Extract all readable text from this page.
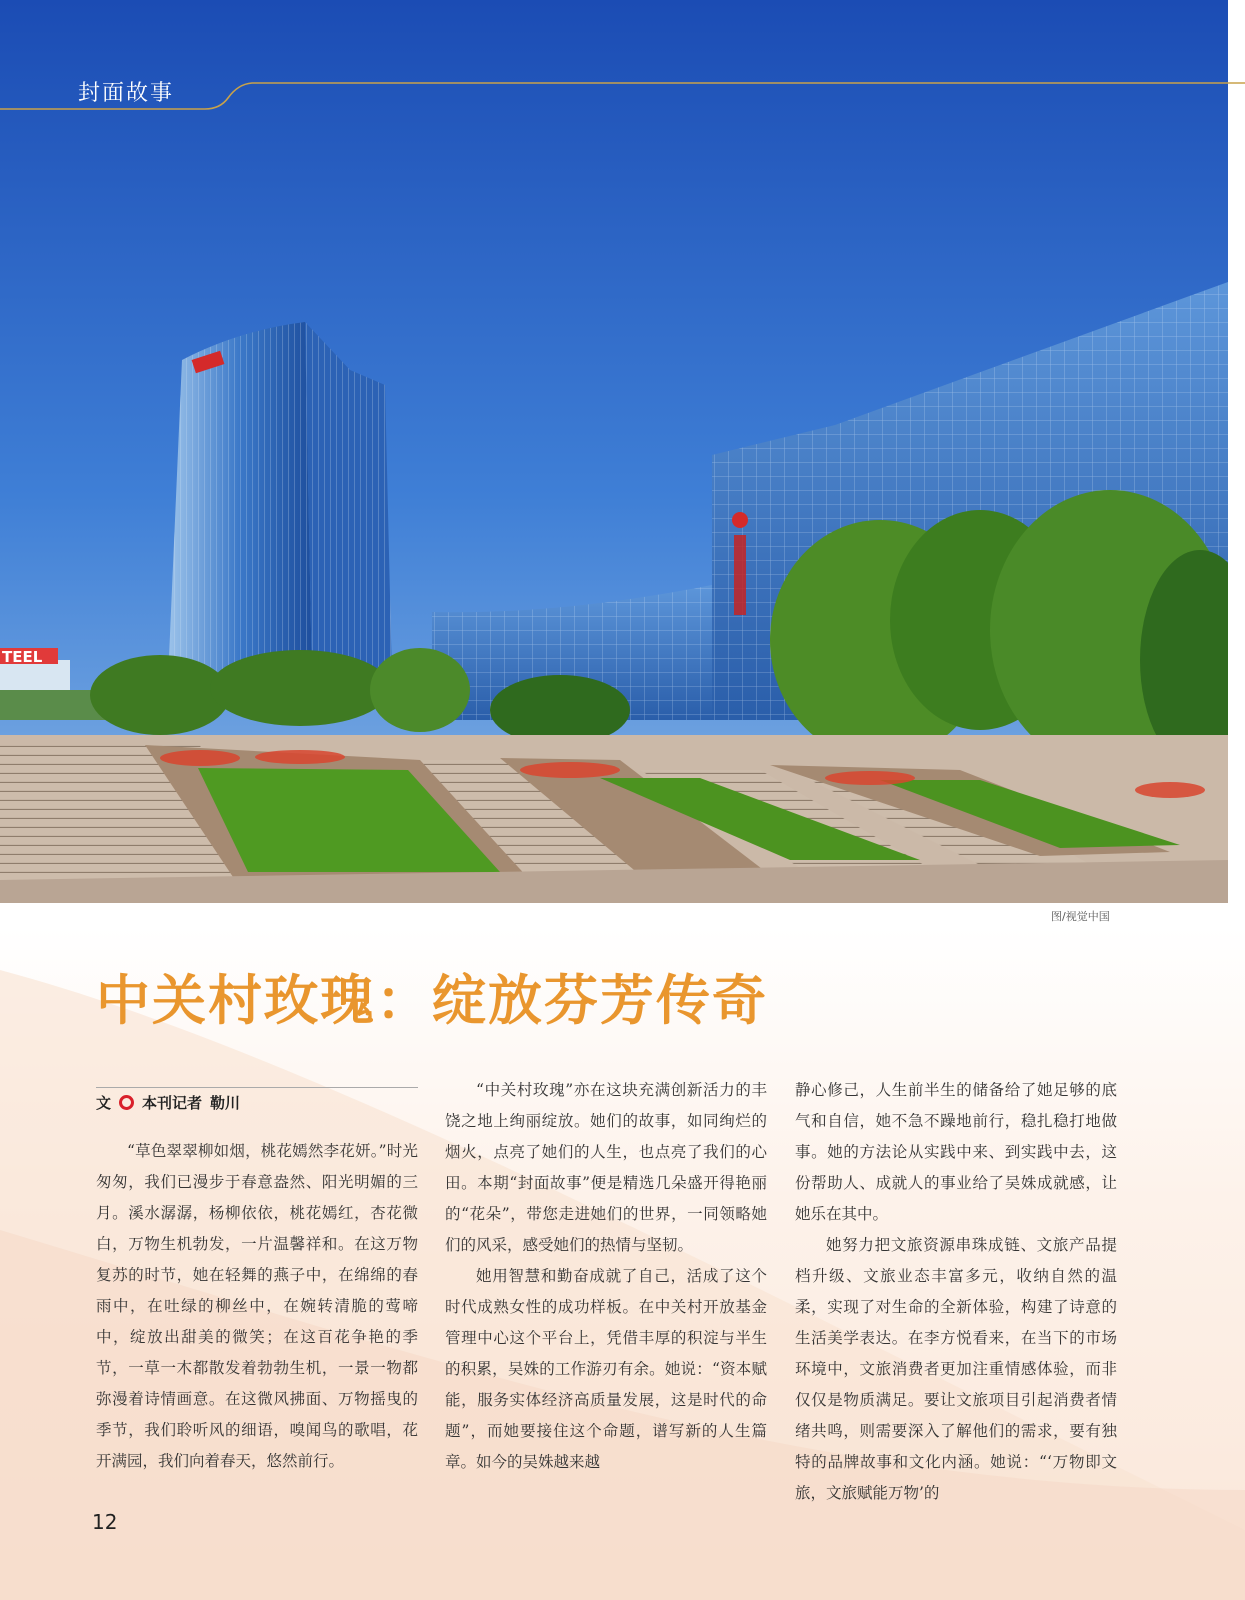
TEEL
封面故事
图/视觉中国
中关村玫瑰：绽放芬芳传奇
文 本刊记者 勒川

“草色翠翠柳如烟，桃花嫣然李花妍。”时光匆匆，我们已漫步于春意盎然、阳光明媚的三月。溪水潺潺，杨柳依依，桃花嫣红，杏花微白，万物生机勃发，一片温馨祥和。在这万物复苏的时节，她在轻舞的燕子中，在绵绵的春雨中，在吐绿的柳丝中，在婉转清脆的莺啼中，绽放出甜美的微笑；在这百花争艳的季节，一草一木都散发着勃勃生机，一景一物都弥漫着诗情画意。在这微风拂面、万物摇曳的季节，我们聆听风的细语，嗅闻鸟的歌唱，花开满园，我们向着春天，悠然前行。

“中关村玫瑰”亦在这块充满创新活力的丰饶之地上绚丽绽放。她们的故事，如同绚烂的烟火，点亮了她们的人生，也点亮了我们的心田。本期“封面故事”便是精选几朵盛开得艳丽的“花朵”，带您走进她们的世界，一同领略她们的风采，感受她们的热情与坚韧。

她用智慧和勤奋成就了自己，活成了这个时代成熟女性的成功样板。在中关村开放基金管理中心这个平台上，凭借丰厚的积淀与半生的积累，吴姝的工作游刃有余。她说：“资本赋能，服务实体经济高质量发展，这是时代的命题”，而她要接住这个命题，谱写新的人生篇章。如今的吴姝越来越

静心修己，人生前半生的储备给了她足够的底气和自信，她不急不躁地前行，稳扎稳打地做事。她的方法论从实践中来、到实践中去，这份帮助人、成就人的事业给了吴姝成就感，让她乐在其中。

她努力把文旅资源串珠成链、文旅产品提档升级、文旅业态丰富多元，收纳自然的温柔，实现了对生命的全新体验，构建了诗意的生活美学表达。在李方悦看来，在当下的市场环境中，文旅消费者更加注重情感体验，而非仅仅是物质满足。要让文旅项目引起消费者情绪共鸣，则需要深入了解他们的需求，要有独特的品牌故事和文化内涵。她说：“‘万物即文旅，文旅赋能万物’的

12
